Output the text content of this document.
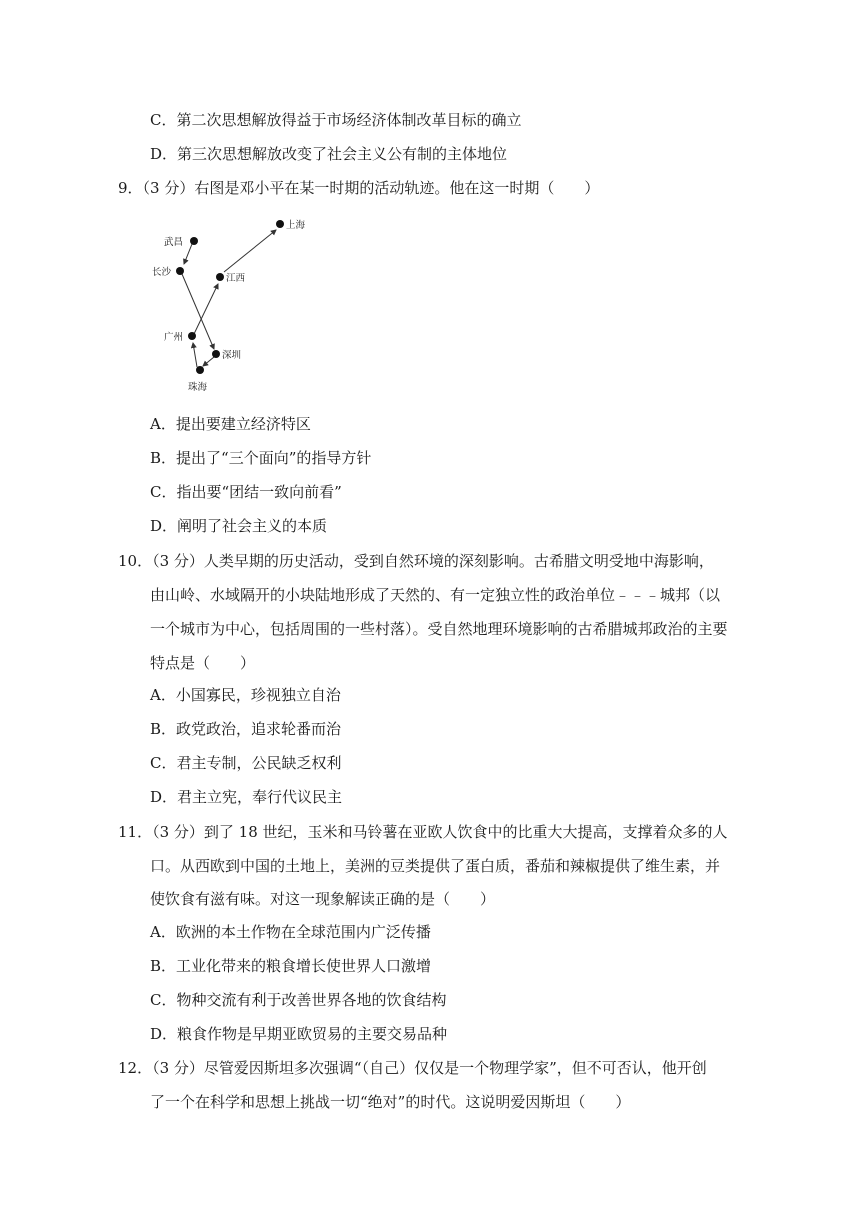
C．第二次思想解放得益于市场经济体制改革目标的确立
D．第三次思想解放改变了社会主义公有制的主体地位
9．（3 分）右图是邓小平在某一时期的活动轨迹。他在这一时期（　　）
武昌
长沙
江西
上海
广州
深圳
珠海
A．提出要建立经济特区
B．提出了“三个面向”的指导方针
C．指出要“团结一致向前看”
D．阐明了社会主义的本质
10．（3 分）人类早期的历史活动，受到自然环境的深刻影响。古希腊文明受地中海影响，
由山岭、水域隔开的小块陆地形成了天然的、有一定独立性的政治单位﹣﹣﹣城邦（以
一个城市为中心，包括周围的一些村落）。受自然地理环境影响的古希腊城邦政治的主要
特点是（　　）
A．小国寡民，珍视独立自治
B．政党政治，追求轮番而治
C．君主专制，公民缺乏权利
D．君主立宪，奉行代议民主
11．（3 分）到了 18 世纪，玉米和马铃薯在亚欧人饮食中的比重大大提高，支撑着众多的人
口。从西欧到中国的土地上，美洲的豆类提供了蛋白质，番茄和辣椒提供了维生素，并
使饮食有滋有味。对这一现象解读正确的是（　　）
A．欧洲的本土作物在全球范围内广泛传播
B．工业化带来的粮食增长使世界人口激增
C．物种交流有利于改善世界各地的饮食结构
D．粮食作物是早期亚欧贸易的主要交易品种
12．（3 分）尽管爱因斯坦多次强调“（自己）仅仅是一个物理学家”，但不可否认，他开创
了一个在科学和思想上挑战一切“绝对”的时代。这说明爱因斯坦（　　）
